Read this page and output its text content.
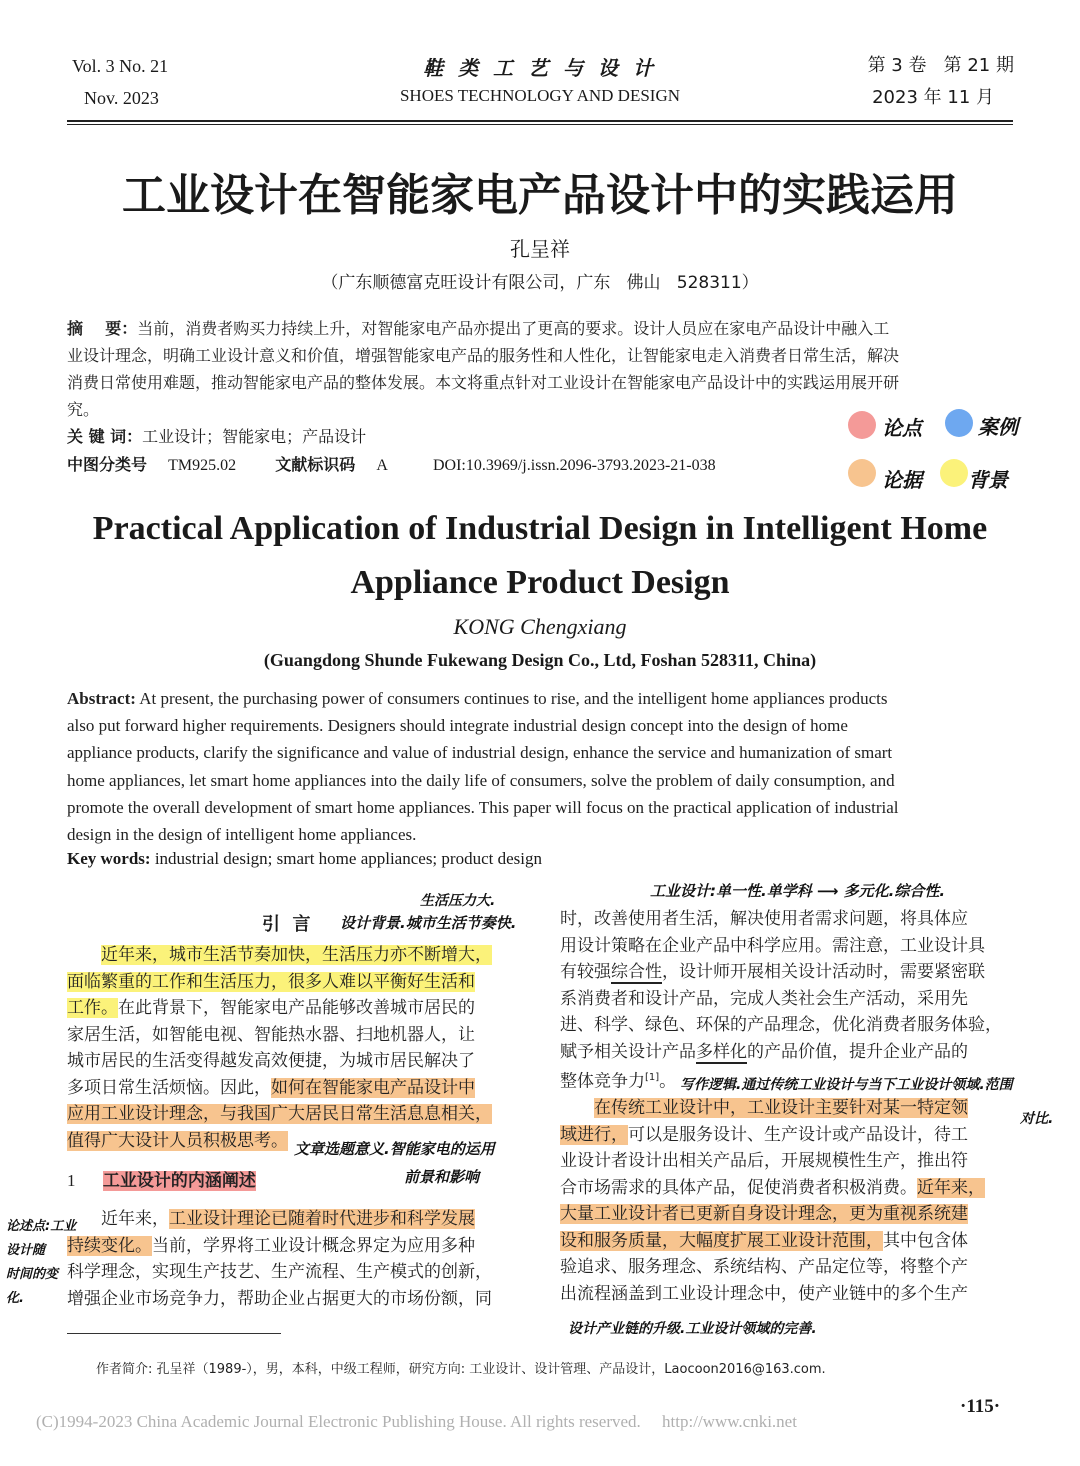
Vol. 3 No. 21
Nov. 2023
鞋 类 工 艺 与 设 计
SHOES TECHNOLOGY AND DESIGN
第 3 卷   第 21 期
2023 年 11 月
工业设计在智能家电产品设计中的实践运用
孔呈祥
（广东顺德富克旺设计有限公司，广东   佛山   528311）
摘    要：当前，消费者购买力持续上升，对智能家电产品亦提出了更高的要求。设计人员应在家电产品设计中融入工
业设计理念，明确工业设计意义和价值，增强智能家电产品的服务性和人性化，让智能家电走入消费者日常生活，解决
消费日常使用难题，推动智能家电产品的整体发展。本文将重点针对工业设计在智能家电产品设计中的实践运用展开研
究。
关 键 词：工业设计；智能家电；产品设计
中图分类号 TM925.02 文献标识码 A	DOI:10.3969/j.issn.2096-3793.2023-21-038
论点	案例
论据 背景
Practical Application of Industrial Design in Intelligent Home
Appliance Product Design
KONG Chengxiang
(Guangdong Shunde Fukewang Design Co., Ltd, Foshan 528311, China)
Abstract: At present, the purchasing power of consumers continues to rise, and the intelligent home appliances products
also put forward higher requirements. Designers should integrate industrial design concept into the design of home
appliance products, clarify the significance and value of industrial design, enhance the service and humanization of smart
home appliances, let smart home appliances into the daily life of consumers, solve the problem of daily consumption, and
promote the overall development of smart home appliances. This paper will focus on the practical application of industrial
design in the design of intelligent home appliances.
Key words: industrial design; smart home appliances; product design
引  言
近年来，城市生活节奏加快，生活压力亦不断增大，
面临繁重的工作和生活压力，很多人难以平衡好生活和
工作。在此背景下，智能家电产品能够改善城市居民的
家居生活，如智能电视、智能热水器、扫地机器人，让
城市居民的生活变得越发高效便捷，为城市居民解决了
多项日常生活烦恼。因此，如何在智能家电产品设计中
应用工业设计理念，与我国广大居民日常生活息息相关，
值得广大设计人员积极思考。
1 工业设计的内涵阐述
近年来，工业设计理论已随着时代进步和科学发展
持续变化。当前，学界将工业设计概念界定为应用多种
科学理念，实现生产技艺、生产流程、生产模式的创新，
增强企业市场竞争力，帮助企业占据更大的市场份额，同
时，改善使用者生活，解决使用者需求问题，将具体应
用设计策略在企业产品中科学应用。需注意，工业设计具
有较强综合性，设计师开展相关设计活动时，需要紧密联
系消费者和设计产品，完成人类社会生产活动，采用先
进、科学、绿色、环保的产品理念，优化消费者服务体验，
赋予相关设计产品多样化的产品价值，提升企业产品的
整体竞争力[1]。
在传统工业设计中，工业设计主要针对某一特定领
域进行，可以是服务设计、生产设计或产品设计，待工
业设计者设计出相关产品后，开展规模性生产，推出符
合市场需求的具体产品，促使消费者积极消费。近年来，
大量工业设计者已更新自身设计理念，更为重视系统建
设和服务质量，大幅度扩展工业设计范围，其中包含体
验追求、服务理念、系统结构、产品定位等，将整个产
出流程涵盖到工业设计理念中，使产业链中的多个生产
生活压力大.
设计背景.城市生活节奏快.
文章选题意义.智能家电的运用
前景和影响
论述点:工业
设计随
时间的变
化.
工业设计:单一性.单学科 ⟶ 多元化.综合性.
写作逻辑.通过传统工业设计与当下工业设计领域.范围
对比.
设计产业链的升级.工业设计领域的完善.
作者简介: 孔呈祥（1989-），男，本科，中级工程师，研究方向: 工业设计、设计管理、产品设计，Laocoon2016@163.com.
·115·
(C)1994-2023 China Academic Journal Electronic Publishing House. All rights reserved.     http://www.cnki.net
